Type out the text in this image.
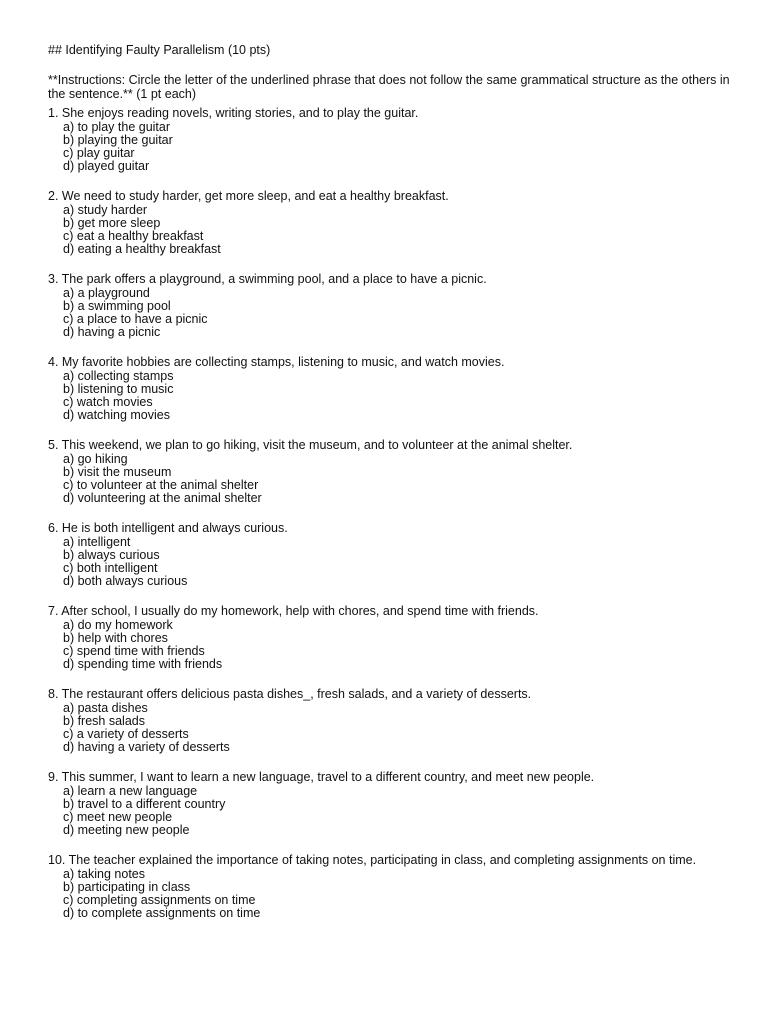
## Identifying Faulty Parallelism (10 pts)

**Instructions: Circle the letter of the underlined phrase that does not follow the same grammatical structure as the others in the sentence.** (1 pt each)

1. She enjoys reading novels, writing stories, and to play the guitar.
a) to play the guitar
b) playing the guitar
c) play guitar
d) played guitar
2. We need to study harder, get more sleep, and eat a healthy breakfast.
a) study harder
b) get more sleep
c) eat a healthy breakfast
d) eating a healthy breakfast
3. The park offers a playground, a swimming pool, and a place to have a picnic.
a) a playground
b) a swimming pool
c) a place to have a picnic
d) having a picnic
4. My favorite hobbies are collecting stamps, listening to music, and watch movies.
a) collecting stamps
b) listening to music
c) watch movies
d) watching movies
5. This weekend, we plan to go hiking, visit the museum, and to volunteer at the animal shelter.
a) go hiking
b) visit the museum
c) to volunteer at the animal shelter
d) volunteering at the animal shelter
6. He is both intelligent and always curious.
a) intelligent
b) always curious
c) both intelligent
d) both always curious
7. After school, I usually do my homework, help with chores, and spend time with friends.
a) do my homework
b) help with chores
c) spend time with friends
d) spending time with friends
8. The restaurant offers delicious pasta dishes_, fresh salads, and a variety of desserts.
a) pasta dishes
b) fresh salads
c) a variety of desserts
d) having a variety of desserts
9. This summer, I want to learn a new language, travel to a different country, and meet new people.
a) learn a new language
b) travel to a different country
c) meet new people
d) meeting new people
10. The teacher explained the importance of taking notes, participating in class, and completing assignments on time.
a) taking notes
b) participating in class
c) completing assignments on time
d) to complete assignments on time
